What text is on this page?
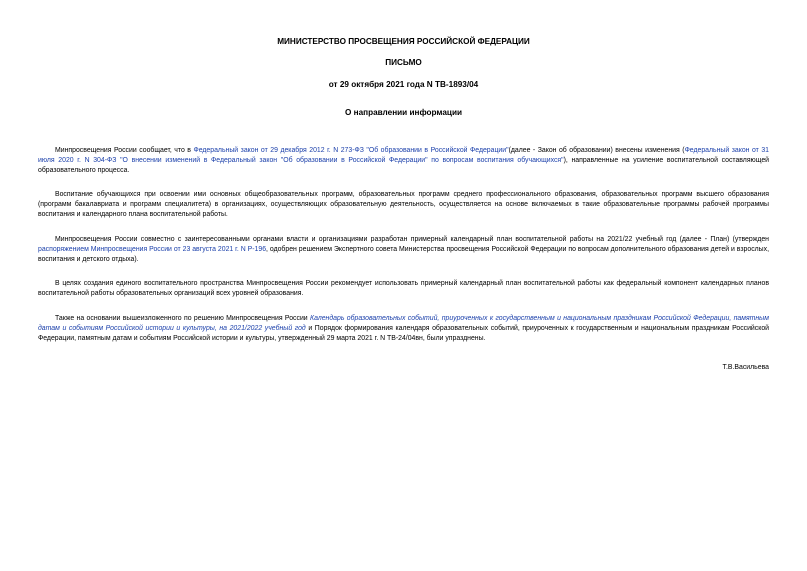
МИНИСТЕРСТВО ПРОСВЕЩЕНИЯ РОССИЙСКОЙ ФЕДЕРАЦИИ

ПИСЬМО

от 29 октября 2021 года N ТВ-1893/04

О направлении информации

Минпросвещения России сообщает, что в Федеральный закон от 29 декабря 2012 г. N 273-ФЗ "Об образовании в Российской Федерации"(далее - Закон об образовании) внесены изменения (Федеральный закон от 31 июля 2020 г. N 304-ФЗ "О внесении изменений в Федеральный закон "Об образовании в Российской Федерации" по вопросам воспитания обучающихся"), направленные на усиление воспитательной составляющей образовательного процесса.

Воспитание обучающихся при освоении ими основных общеобразовательных программ, образовательных программ среднего профессионального образования, образовательных программ высшего образования (программ бакалавриата и программ специалитета) в организациях, осуществляющих образовательную деятельность, осуществляется на основе включаемых в такие образовательные программы рабочей программы воспитания и календарного плана воспитательной работы.

Минпросвещения России совместно с заинтересованными органами власти и организациями разработан примерный календарный план воспитательной работы на 2021/22 учебный год (далее - План) (утвержден распоряжением Минпросвещения России от 23 августа 2021 г. N Р-196, одобрен решением Экспертного совета Министерства просвещения Российской Федерации по вопросам дополнительного образования детей и взрослых, воспитания и детского отдыха).

В целях создания единого воспитательного пространства Минпросвещения России рекомендует использовать примерный календарный план воспитательной работы как федеральный компонент календарных планов воспитательной работы образовательных организаций всех уровней образования.

Также на основании вышеизложенного по решению Минпросвещения России Календарь образовательных событий, приуроченных к государственным и национальным праздникам Российской Федерации, памятным датам и событиям Российской истории и культуры, на 2021/2022 учебный год и Порядок формирования календаря образовательных событий, приуроченных к государственным и национальным праздникам Российской Федерации, памятным датам и событиям Российской истории и культуры, утвержденный 29 марта 2021 г. N ТВ-24/04вн, были упразднены.

Т.В.Васильева
